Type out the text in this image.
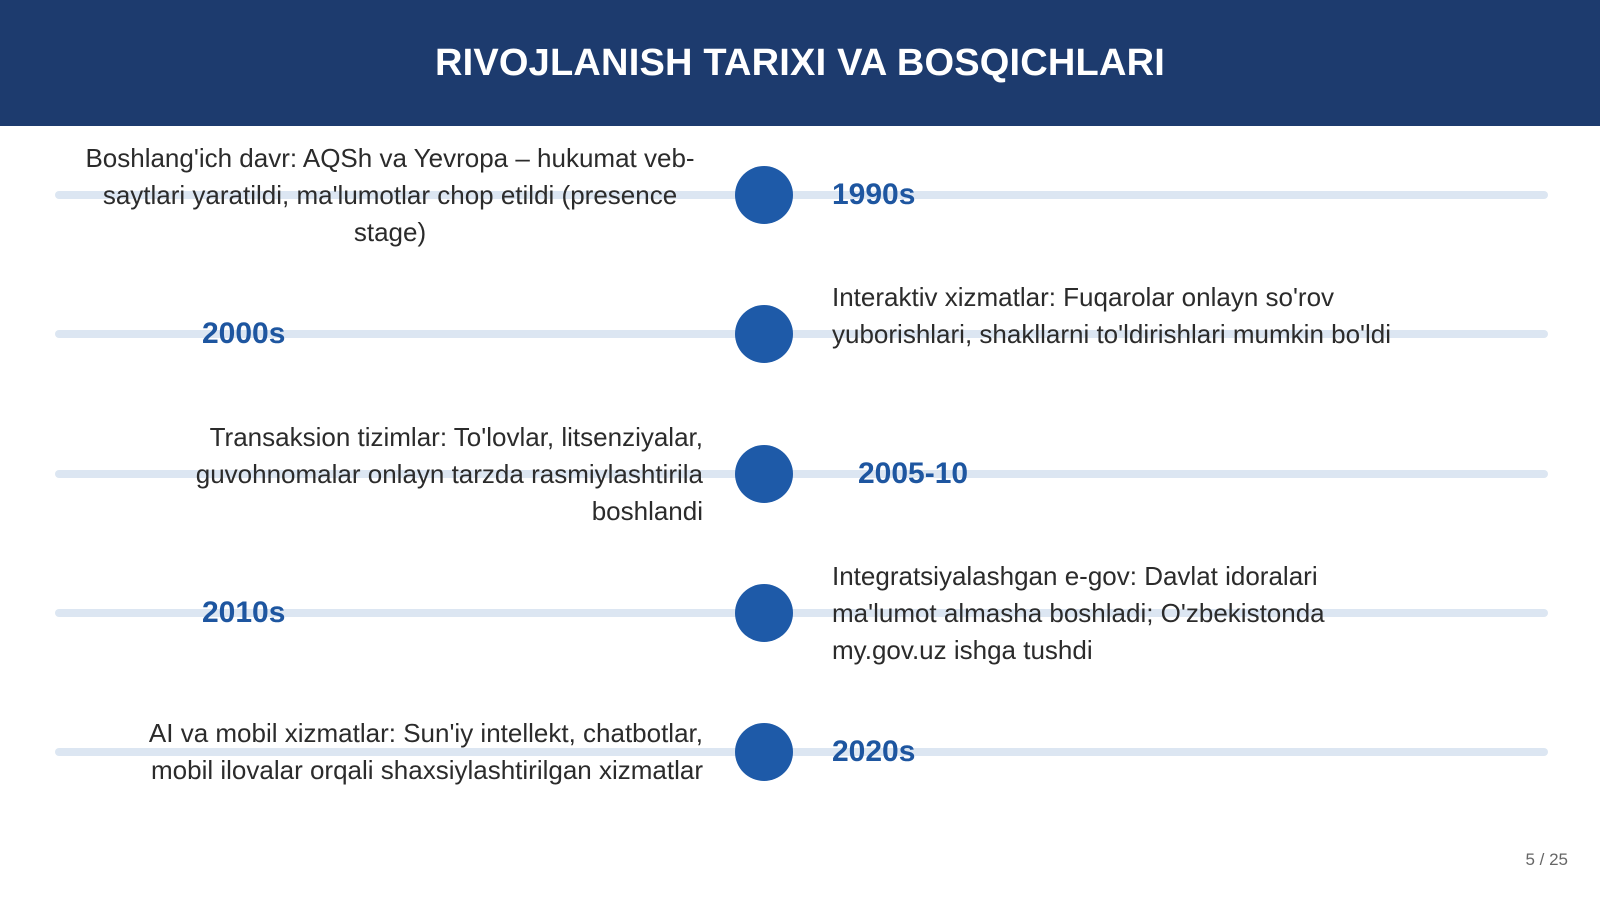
RIVOJLANISH TARIXI VA BOSQICHLARI
Boshlang'ich davr: AQSh va Yevropa – hukumat veb-saytlari yaratildi, ma'lumotlar chop etildi (presence stage)
1990s
2000s
Interaktiv xizmatlar: Fuqarolar onlayn so'rov yuborishlari, shakllarni to'ldirishlari mumkin bo'ldi
Transaksion tizimlar: To'lovlar, litsenziyalar, guvohnomalar onlayn tarzda rasmiylashtirila boshlandi
2005-10
2010s
Integratsiyalashgan e-gov: Davlat idoralari ma'lumot almasha boshladi; O'zbekistonda my.gov.uz ishga tushdi
AI va mobil xizmatlar: Sun'iy intellekt, chatbotlar, mobil ilovalar orqali shaxsiylashtirilgan xizmatlar
2020s
5 / 25
